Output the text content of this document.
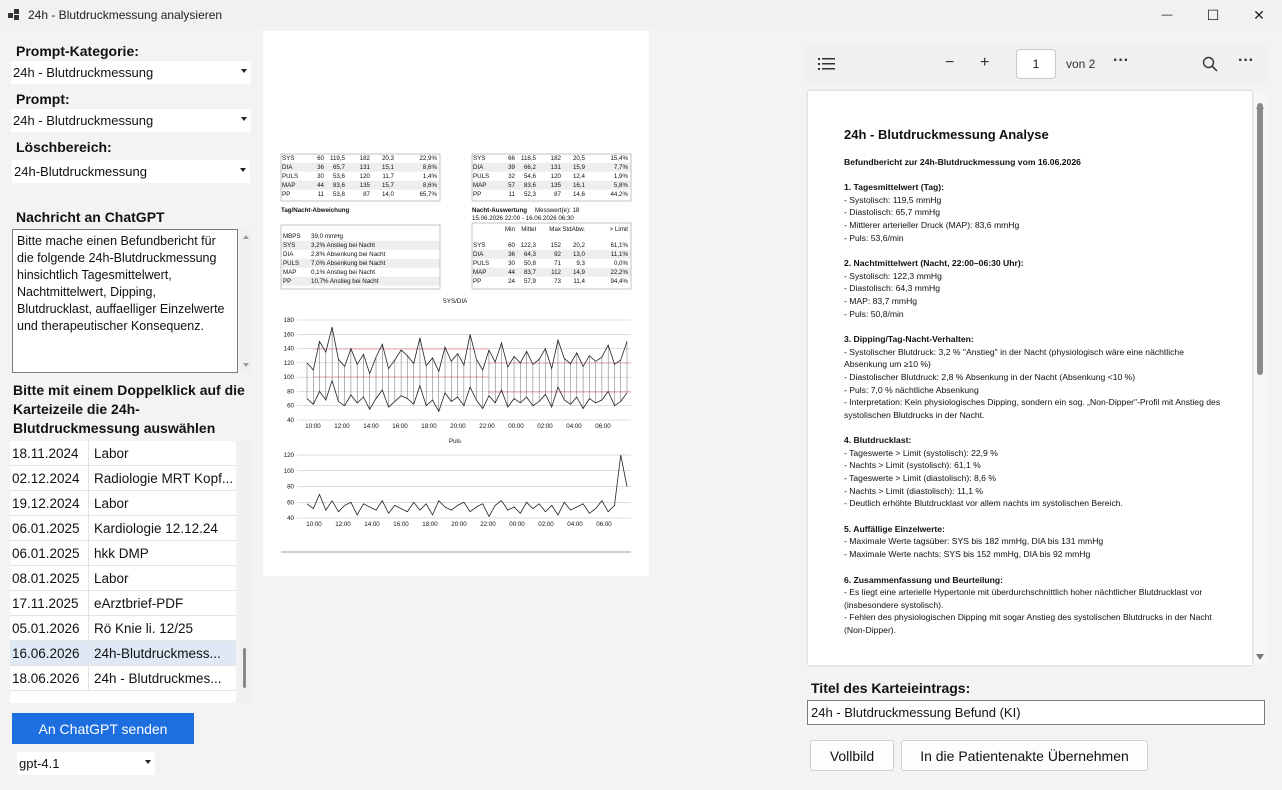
24h - Blutdruckmessung analysieren	— ☐ ✕
Prompt-Kategorie:
24h - Blutdruckmessung
Prompt:
24h - Blutdruckmessung
Löschbereich:
24h-Blutdruckmessung
Nachricht an ChatGPT
Bitte mache einen Befundbericht für die folgende 24h-Blutdruckmessung hinsichtlich Tagesmittelwert, Nachtmittelwert, Dipping, Blutdrucklast, auffaelliger Einzelwerte und therapeutischer Konsequenz.
Bitte mit einem Doppelklick auf die Karteizeile die 24h-Blutdruckmessung auswählen
18.11.2024	Labor
02.12.2024	Radiologie MRT Kopf...
19.12.2024	Labor
06.01.2025	Kardiologie 12.12.24
06.01.2025	hkk DMP
08.01.2025	Labor
17.11.2025	eArztbrief-PDF
05.01.2026	Rö Knie li. 12/25
16.06.2026	24h-Blutdruckmess...
18.06.2026	24h - Blutdruckmes...
An ChatGPT senden
gpt-4.1
SYS	60 119,5 182 20,3	22,9%
DIA	36 65,7 131 15,1	8,6%
PULS	30 53,6 120 11,7	1,4%
MAP	44 83,6 135 15,7	8,6%
PP	11 53,8	87 14,0	65,7%
SYS	66 118,5 182 20,5	15,4%
DIA	39 66,2 131 15,9	7,7%
PULS	32 54,6 120 12,4	1,9%
MAP	57 83,6 135 16,1	5,8%
PP	11 52,3	87 14,6	44,2%
Tag/Nacht-Abweichung
MBPS 39,0 mmHg
SYS	3,2% Anstieg bei Nacht
DIA	2,8% Absenkung bei Nacht
PULS 7,0% Absenkung bei Nacht
MAP 0,1% Anstieg bei Nacht
PP	10,7% Anstieg bei Nacht
Nacht-Auswertung Messwert(e): 18
15.06.2026 22:00 - 16.06.2026 06:30
Min Mittel Max StdAbw.	> Limit
SYS	60 122,3 152 20,2	61,1%
DIA	36 64,3	92 13,0	11,1%
PULS	30 50,8	71 9,3	0,0%
MAP	44 83,7 112 14,9	22,2%
PP	24 57,9	73 11,4	94,4%
SYS/DIA
180
160
140
120
100
80
60
40
10:00 12:00 14:00 16:00 18:00 20:00 22:00 00:00 02:00 04:00 06:00
Puls
120
100
80
60
40
10:00 12:00 14:00 16:00 18:00 20:00 22:00 00:00 02:00 04:00 06:00
− +	1	von 2 ···	···
24h - Blutdruckmessung Analyse
Befundbericht zur 24h-Blutdruckmessung vom 16.06.2026
1. Tagesmittelwert (Tag):
- Systolisch: 119,5 mmHg
- Diastolisch: 65,7 mmHg
- Mittlerer arterieller Druck (MAP): 83,6 mmHg
- Puls: 53,6/min
2. Nachtmittelwert (Nacht, 22:00–06:30 Uhr):
- Systolisch: 122,3 mmHg
- Diastolisch: 64,3 mmHg
- MAP: 83,7 mmHg
- Puls: 50,8/min
3. Dipping/Tag-Nacht-Verhalten:
- Systolischer Blutdruck: 3,2 % "Anstieg" in der Nacht (physiologisch wäre eine nächtliche Absenkung um ≥10 %)
- Diastolischer Blutdruck: 2,8 % Absenkung in der Nacht (Absenkung <10 %)
- Puls: 7,0 % nächtliche Absenkung
- Interpretation: Kein physiologisches Dipping, sondern ein sog. „Non-Dipper"-Profil mit Anstieg des systolischen Blutdrucks in der Nacht.
4. Blutdrucklast:
- Tageswerte > Limit (systolisch): 22,9 %
- Nachts > Limit (systolisch): 61,1 %
- Tageswerte > Limit (diastolisch): 8,6 %
- Nachts > Limit (diastolisch): 11,1 %
- Deutlich erhöhte Blutdrucklast vor allem nachts im systolischen Bereich.
5. Auffällige Einzelwerte:
- Maximale Werte tagsüber: SYS bis 182 mmHg, DIA bis 131 mmHg
- Maximale Werte nachts: SYS bis 152 mmHg, DIA bis 92 mmHg
6. Zusammenfassung und Beurteilung:
- Es liegt eine arterielle Hypertonie mit überdurchschnittlich hoher nächtlicher Blutdrucklast vor (insbesondere systolisch).
- Fehlen des physiologischen Dipping mit sogar Anstieg des systolischen Blutdrucks in der Nacht (Non-Dipper).
Titel des Karteieintrags:
24h - Blutdruckmessung Befund (KI)
Vollbild	In die Patientenakte Übernehmen
